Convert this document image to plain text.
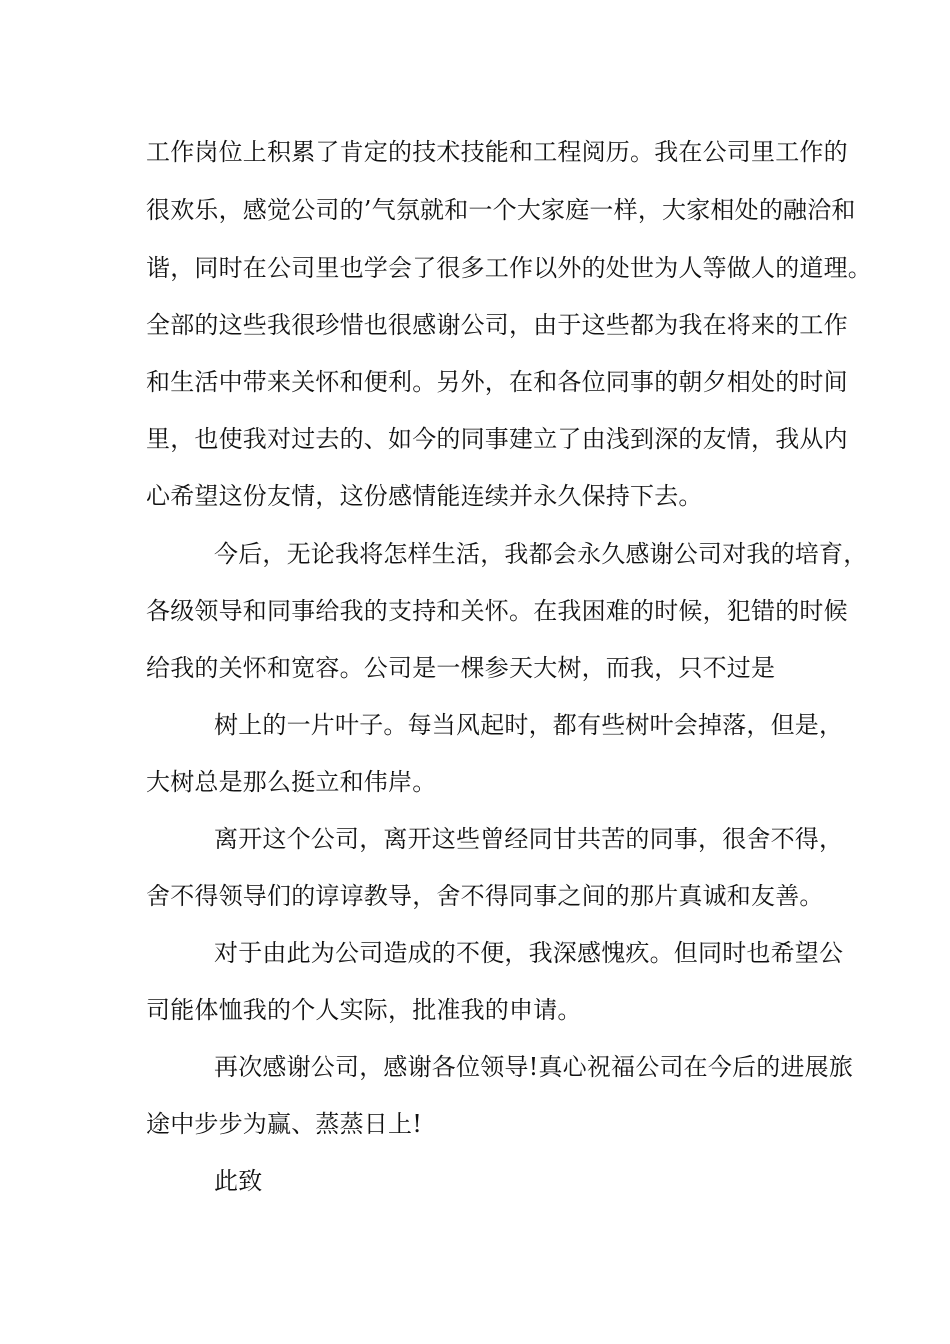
工作岗位上积累了肯定的技术技能和工程阅历。我在公司里工作的
很欢乐，感觉公司的’气氛就和一个大家庭一样，大家相处的融洽和
谐，同时在公司里也学会了很多工作以外的处世为人等做人的道理。
全部的这些我很珍惜也很感谢公司，由于这些都为我在将来的工作
和生活中带来关怀和便利。另外，在和各位同事的朝夕相处的时间
里，也使我对过去的、如今的同事建立了由浅到深的友情，我从内
心希望这份友情，这份感情能连续并永久保持下去。
今后，无论我将怎样生活，我都会永久感谢公司对我的培育，
各级领导和同事给我的支持和关怀。在我困难的时候，犯错的时候
给我的关怀和宽容。公司是一棵参天大树，而我，只不过是
树上的一片叶子。每当风起时，都有些树叶会掉落，但是，
大树总是那么挺立和伟岸。
离开这个公司，离开这些曾经同甘共苦的同事，很舍不得，
舍不得领导们的谆谆教导，舍不得同事之间的那片真诚和友善。
对于由此为公司造成的不便，我深感愧疚。但同时也希望公
司能体恤我的个人实际，批准我的申请。
再次感谢公司，感谢各位领导!真心祝福公司在今后的进展旅
途中步步为赢、蒸蒸日上!
此致
